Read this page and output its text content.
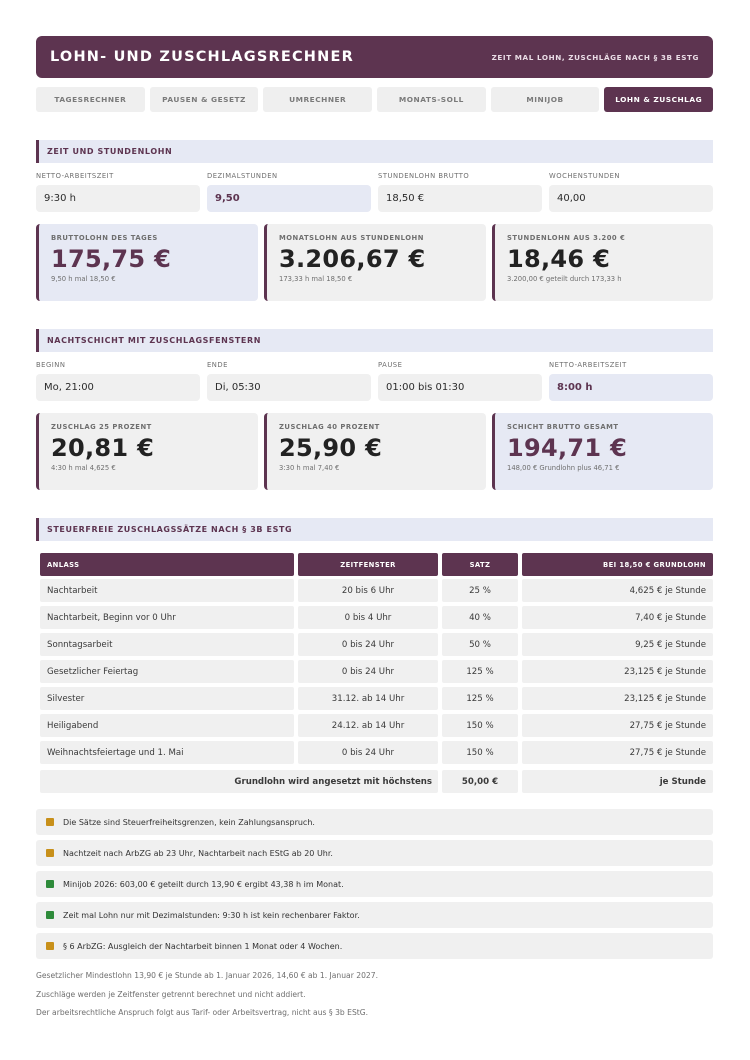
LOHN- UND ZUSCHLAGSRECHNER	ZEIT MAL LOHN, ZUSCHLÄGE NACH § 3B ESTG
TAGESRECHNER	PAUSEN & GESETZ	UMRECHNER	MONATS-SOLL	MINIJOB	LOHN & ZUSCHLAG
ZEIT UND STUNDENLOHN
NETTO-ARBEITSZEIT	DEZIMALSTUNDEN	STUNDENLOHN BRUTTO	WOCHENSTUNDEN
9:30 h	9,50	18,50 €	40,00
BRUTTOLOHN DES TAGES
175,75 €
9,50 h mal 18,50 €
MONATSLOHN AUS STUNDENLOHN
3.206,67 €
173,33 h mal 18,50 €
STUNDENLOHN AUS 3.200 €
18,46 €
3.200,00 € geteilt durch 173,33 h
NACHTSCHICHT MIT ZUSCHLAGSFENSTERN
BEGINN	ENDE	PAUSE	NETTO-ARBEITSZEIT
Mo, 21:00	Di, 05:30	01:00 bis 01:30	8:00 h
ZUSCHLAG 25 PROZENT
20,81 €
4:30 h mal 4,625 €
ZUSCHLAG 40 PROZENT
25,90 €
3:30 h mal 7,40 €
SCHICHT BRUTTO GESAMT
194,71 €
148,00 € Grundlohn plus 46,71 €
STEUERFREIE ZUSCHLAGSSÄTZE NACH § 3B ESTG
ANLASS	ZEITFENSTER	SATZ	BEI 18,50 € GRUNDLOHN
Nachtarbeit	20 bis 6 Uhr	25 %	4,625 € je Stunde
Nachtarbeit, Beginn vor 0 Uhr	0 bis 4 Uhr	40 %	7,40 € je Stunde
Sonntagsarbeit	0 bis 24 Uhr	50 %	9,25 € je Stunde
Gesetzlicher Feiertag	0 bis 24 Uhr	125 %	23,125 € je Stunde
Silvester	31.12. ab 14 Uhr	125 %	23,125 € je Stunde
Heiligabend	24.12. ab 14 Uhr	150 %	27,75 € je Stunde
Weihnachtsfeiertage und 1. Mai	0 bis 24 Uhr	150 %	27,75 € je Stunde
Grundlohn wird angesetzt mit höchstens	50,00 €	je Stunde
Die Sätze sind Steuerfreiheitsgrenzen, kein Zahlungsanspruch.
Nachtzeit nach ArbZG ab 23 Uhr, Nachtarbeit nach EStG ab 20 Uhr.
Minijob 2026: 603,00 € geteilt durch 13,90 € ergibt 43,38 h im Monat.
Zeit mal Lohn nur mit Dezimalstunden: 9:30 h ist kein rechenbarer Faktor.
§ 6 ArbZG: Ausgleich der Nachtarbeit binnen 1 Monat oder 4 Wochen.
Gesetzlicher Mindestlohn 13,90 € je Stunde ab 1. Januar 2026, 14,60 € ab 1. Januar 2027.
Zuschläge werden je Zeitfenster getrennt berechnet und nicht addiert.
Der arbeitsrechtliche Anspruch folgt aus Tarif- oder Arbeitsvertrag, nicht aus § 3b EStG.
